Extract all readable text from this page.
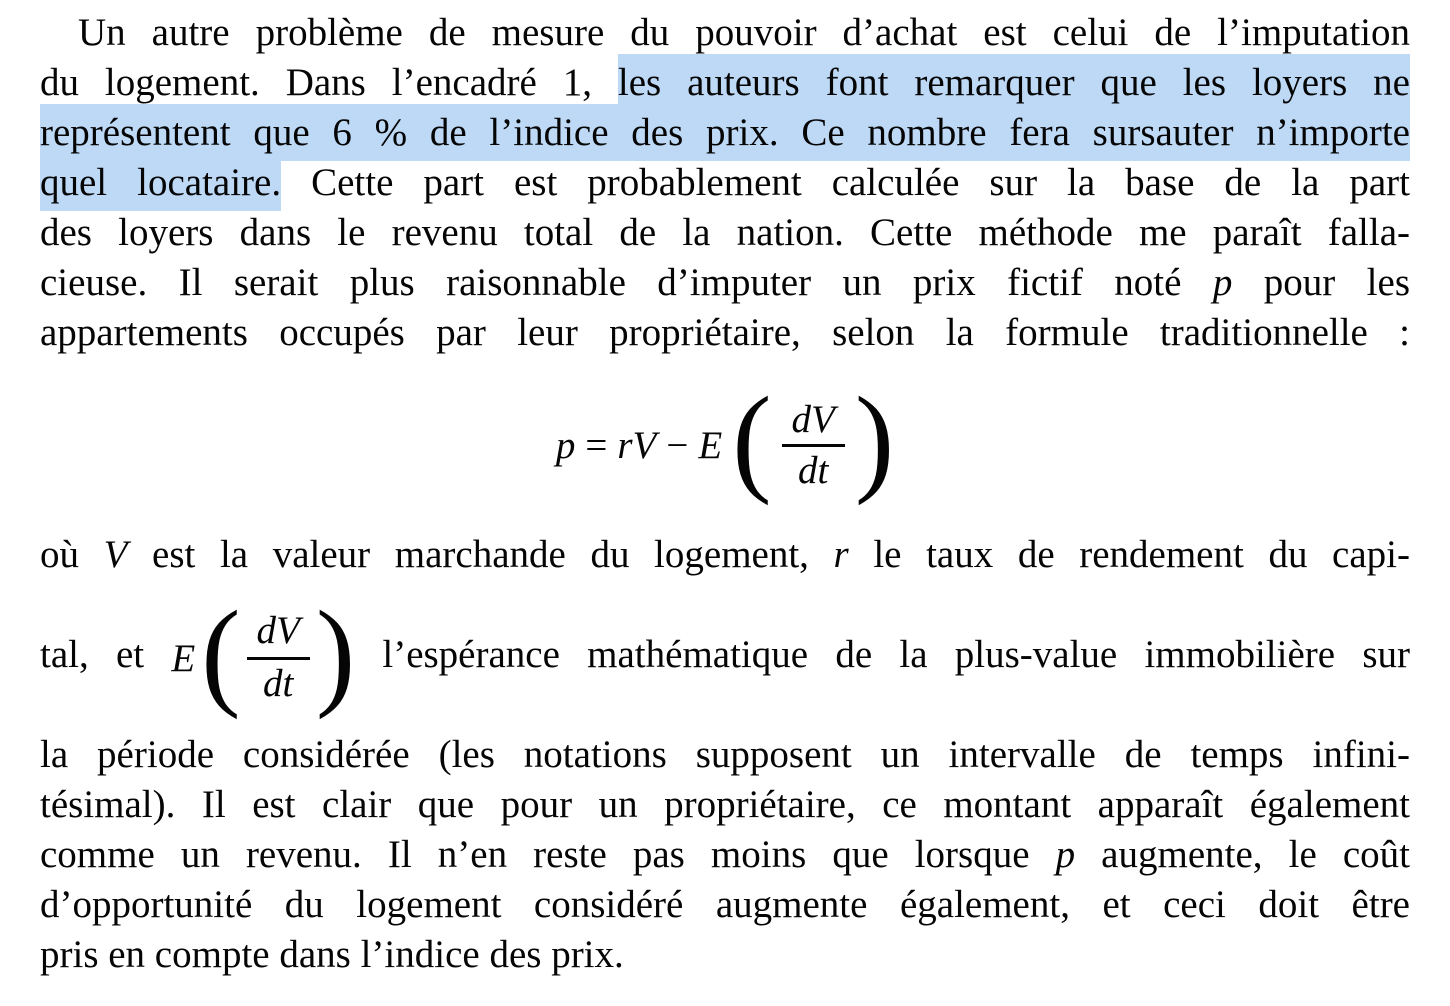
Un autre problème de mesure du pouvoir d’achat est celui de l’imputation
du logement. Dans l’encadré 1, les auteurs font remarquer que les loyers ne
représentent que 6 % de l’indice des prix. Ce nombre fera sursauter n’importe
quel locataire. Cette part est probablement calculée sur la base de la part
des loyers dans le revenu total de la nation. Cette méthode me paraît falla-
cieuse. Il serait plus raisonnable d’imputer un prix fictif noté p pour les
appartements occupés par leur propriétaire, selon la formule traditionnelle :
p = rV − E ( $\frac{dV}{dt}$ )
où V est la valeur marchande du logement, r le taux de rendement du capi-
tal, et E ( $\frac{dV}{dt}$ ) l’espérance mathématique de la plus-value immobilière sur
la période considérée (les notations supposent un intervalle de temps infini-
tésimal). Il est clair que pour un propriétaire, ce montant apparaît également
comme un revenu. Il n’en reste pas moins que lorsque p augmente, le coût
d’opportunité du logement considéré augmente également, et ceci doit être
pris en compte dans l’indice des prix.
